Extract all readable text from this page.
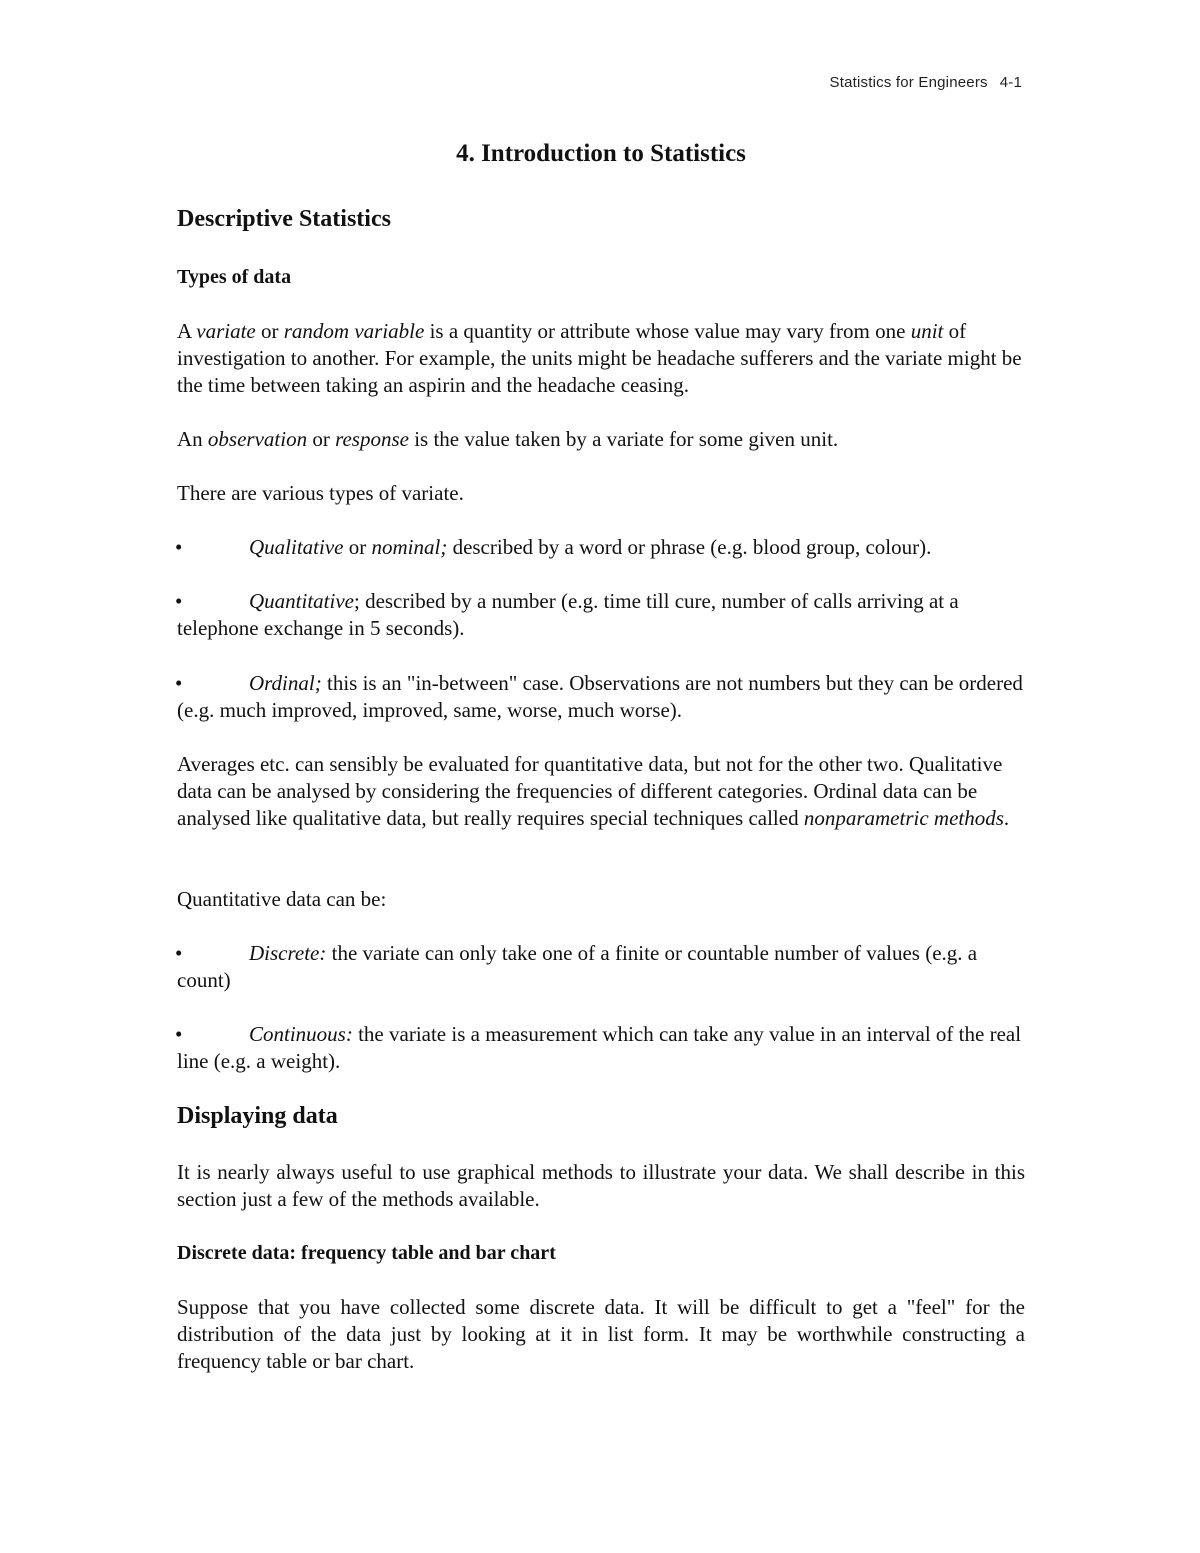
Statistics for Engineers 4-1
4. Introduction to Statistics
Descriptive Statistics
Types of data

A variate or random variable is a quantity or attribute whose value may vary from one unit of investigation to another. For example, the units might be headache sufferers and the variate might be the time between taking an aspirin and the headache ceasing.

An observation or response is the value taken by a variate for some given unit.

There are various types of variate.

•	Qualitative or nominal; described by a word or phrase (e.g. blood group, colour).

•	Quantitative; described by a number (e.g. time till cure, number of calls arriving at a telephone exchange in 5 seconds).

•	Ordinal; this is an "in-between" case. Observations are not numbers but they can be ordered (e.g. much improved, improved, same, worse, much worse).

Averages etc. can sensibly be evaluated for quantitative data, but not for the other two. Qualitative data can be analysed by considering the frequencies of different categories. Ordinal data can be analysed like qualitative data, but really requires special techniques called nonparametric methods.

Quantitative data can be:

•	Discrete: the variate can only take one of a finite or countable number of values (e.g. a count)

•	Continuous: the variate is a measurement which can take any value in an interval of the real line (e.g. a weight).

Displaying data

It is nearly always useful to use graphical methods to illustrate your data. We shall describe in this section just a few of the methods available.

Discrete data: frequency table and bar chart

Suppose that you have collected some discrete data. It will be difficult to get a "feel" for the distribution of the data just by looking at it in list form. It may be worthwhile constructing a frequency table or bar chart.
